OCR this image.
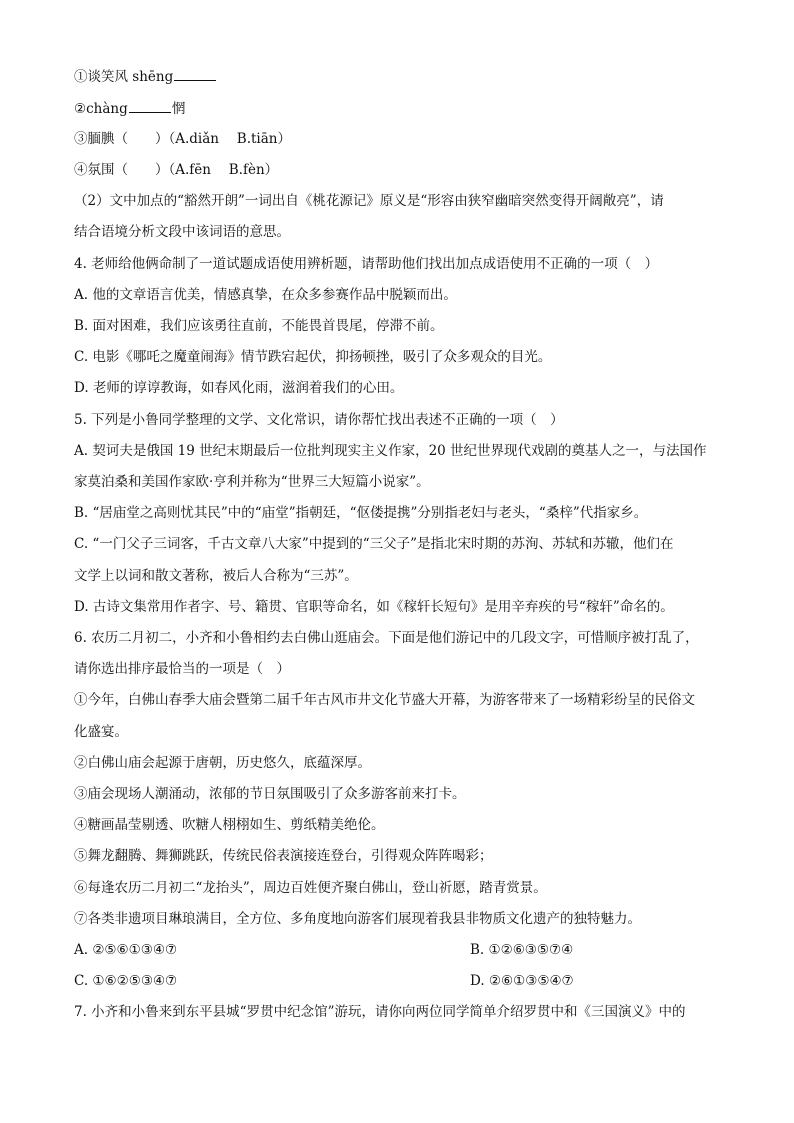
①谈笑风 shēng
②chàng	惘
③腼腆（　　）（A.diǎn　 B.tiān）
④氛围（　　）（A.fēn　 B.fèn）
（2）文中加点的“豁然开朗”一词出自《桃花源记》原义是“形容由狭窄幽暗突然变得开阔敞亮”，请
结合语境分析文段中该词语的意思。
4. 老师给他俩命制了一道试题成语使用辨析题，请帮助他们找出加点成语使用不正确的一项（　）
A. 他的文章语言优美，情感真挚，在众多参赛作品中脱颖而出。
B. 面对困难，我们应该勇往直前，不能畏首畏尾，停滞不前。
C. 电影《哪吒之魔童闹海》情节跌宕起伏，抑扬顿挫，吸引了众多观众的目光。
D. 老师的谆谆教诲，如春风化雨，滋润着我们的心田。
5. 下列是小鲁同学整理的文学、文化常识，请你帮忙找出表述不正确的一项（　）
A. 契诃夫是俄国 19 世纪末期最后一位批判现实主义作家，20 世纪世界现代戏剧的奠基人之一，与法国作
家莫泊桑和美国作家欧·亨利并称为“世界三大短篇小说家”。
B. “居庙堂之高则忧其民”中的“庙堂”指朝廷，“伛偻提携”分别指老妇与老头，“桑梓”代指家乡。
C. “一门父子三词客，千古文章八大家”中提到的“三父子”是指北宋时期的苏洵、苏轼和苏辙，他们在
文学上以词和散文著称，被后人合称为“三苏”。
D. 古诗文集常用作者字、号、籍贯、官职等命名，如《稼轩长短句》是用辛弃疾的号“稼轩”命名的。
6. 农历二月初二，小齐和小鲁相约去白佛山逛庙会。下面是他们游记中的几段文字，可惜顺序被打乱了，
请你选出排序最恰当的一项是（　）
①今年，白佛山春季大庙会暨第二届千年古风市井文化节盛大开幕，为游客带来了一场精彩纷呈的民俗文
化盛宴。
②白佛山庙会起源于唐朝，历史悠久，底蕴深厚。
③庙会现场人潮涌动，浓郁的节日氛围吸引了众多游客前来打卡。
④糖画晶莹剔透、吹糖人栩栩如生、剪纸精美绝伦。
⑤舞龙翻腾、舞狮跳跃，传统民俗表演接连登台，引得观众阵阵喝彩；
⑥每逢农历二月初二“龙抬头”，周边百姓便齐聚白佛山，登山祈愿，踏青赏景。
⑦各类非遗项目琳琅满目，全方位、多角度地向游客们展现着我县非物质文化遗产的独特魅力。
A. ②⑤⑥①③④⑦	B. ①②⑥③⑤⑦④
C. ①⑥②⑤③④⑦	D. ②⑥①③⑤④⑦
7. 小齐和小鲁来到东平县城“罗贯中纪念馆”游玩，请你向两位同学简单介绍罗贯中和《三国演义》中的
